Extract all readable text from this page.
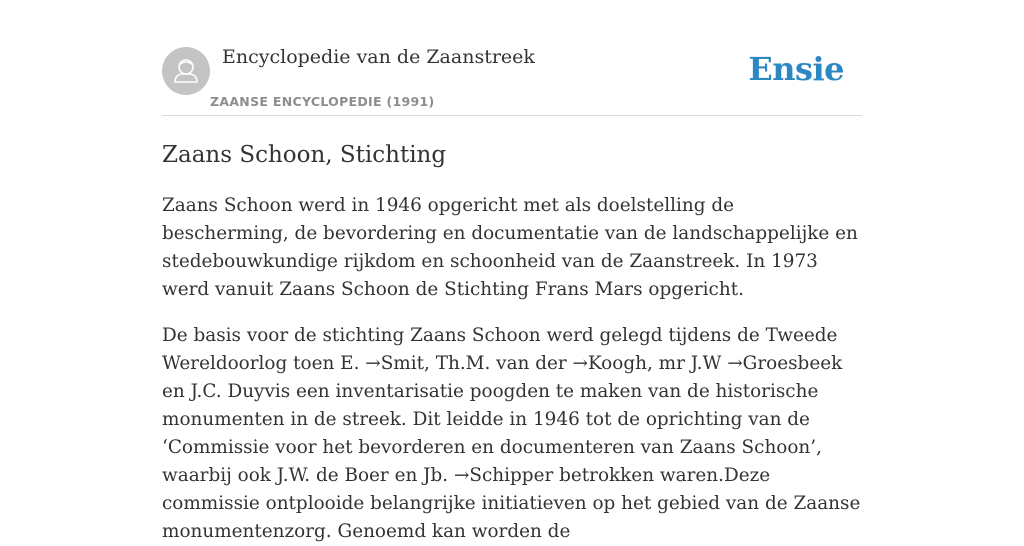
Encyclopedie van de Zaanstreek
ZAANSE ENCYCLOPEDIE (1991)
Ensie
Zaans Schoon, Stichting

Zaans Schoon werd in 1946 opgericht met als doelstelling de bescherming, de bevordering en documentatie van de landschappelijke en stedebouwkundige rijkdom en schoonheid van de Zaanstreek. In 1973 werd vanuit Zaans Schoon de Stichting Frans Mars opgericht.

De basis voor de stichting Zaans Schoon werd gelegd tijdens de Tweede Wereldoorlog toen E. →Smit, Th.M. van der →Koogh, mr J.W →Groesbeek en J.C. Duyvis een inventarisatie poogden te maken van de historische monumenten in de streek. Dit leidde in 1946 tot de oprichting van de ‘Commissie voor het bevorderen en documenteren van Zaans Schoon’, waarbij ook J.W. de Boer en Jb. →Schipper betrokken waren.Deze commissie ontplooide belangrijke initiatieven op het gebied van de Zaanse monumentenzorg. Genoemd kan worden de
